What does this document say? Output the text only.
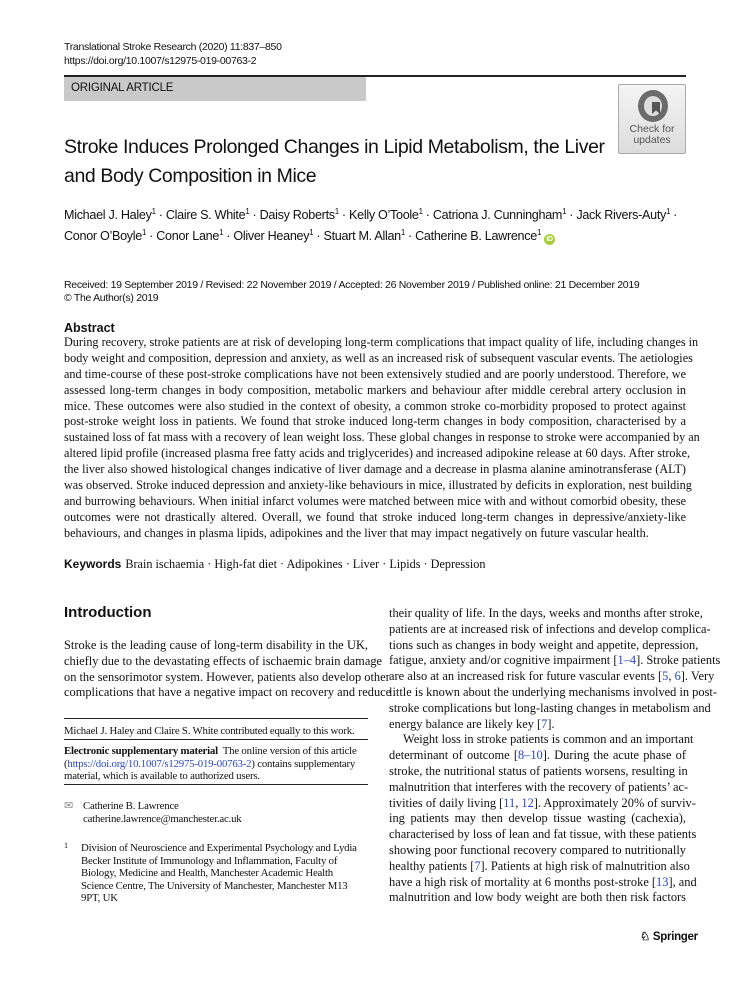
Translational Stroke Research (2020) 11:837–850
https://doi.org/10.1007/s12975-019-00763-2
ORIGINAL ARTICLE
Check for
updates
Stroke Induces Prolonged Changes in Lipid Metabolism, the Liver and Body Composition in Mice
Michael J. Haley$^1$ · Claire S. White$^1$ · Daisy Roberts$^1$ · Kelly O’Toole$^1$ · Catriona J. Cunningham$^1$ · Jack Rivers-Auty$^1$ ·
Conor O’Boyle$^1$ · Conor Lane$^1$ · Oliver Heaney$^1$ · Stuart M. Allan$^1$ · Catherine B. Lawrence$^1$iD
Received: 19 September 2019 / Revised: 22 November 2019 / Accepted: 26 November 2019 / Published online: 21 December 2019
© The Author(s) 2019
Abstract
During recovery, stroke patients are at risk of developing long-term complications that impact quality of life, including changes in
body weight and composition, depression and anxiety, as well as an increased risk of subsequent vascular events. The aetiologies
and time-course of these post-stroke complications have not been extensively studied and are poorly understood. Therefore, we
assessed long-term changes in body composition, metabolic markers and behaviour after middle cerebral artery occlusion in
mice. These outcomes were also studied in the context of obesity, a common stroke co-morbidity proposed to protect against
post-stroke weight loss in patients. We found that stroke induced long-term changes in body composition, characterised by a
sustained loss of fat mass with a recovery of lean weight loss. These global changes in response to stroke were accompanied by an
altered lipid profile (increased plasma free fatty acids and triglycerides) and increased adipokine release at 60 days. After stroke,
the liver also showed histological changes indicative of liver damage and a decrease in plasma alanine aminotransferase (ALT)
was observed. Stroke induced depression and anxiety-like behaviours in mice, illustrated by deficits in exploration, nest building
and burrowing behaviours. When initial infarct volumes were matched between mice with and without comorbid obesity, these
outcomes were not drastically altered. Overall, we found that stroke induced long-term changes in depressive/anxiety-like
behaviours, and changes in plasma lipids, adipokines and the liver that may impact negatively on future vascular health.
Keywords Brain ischaemia · High-fat diet · Adipokines · Liver · Lipids · Depression
Introduction
Stroke is the leading cause of long-term disability in the UK,
chiefly due to the devastating effects of ischaemic brain damage
on the sensorimotor system. However, patients also develop other
complications that have a negative impact on recovery and reduce
their quality of life. In the days, weeks and months after stroke,
patients are at increased risk of infections and develop complica-
tions such as changes in body weight and appetite, depression,
fatigue, anxiety and/or cognitive impairment [1–4]. Stroke patients
are also at an increased risk for future vascular events [5, 6]. Very
little is known about the underlying mechanisms involved in post-
stroke complications but long-lasting changes in metabolism and
energy balance are likely key [7].
Weight loss in stroke patients is common and an important
determinant of outcome [8–10]. During the acute phase of
stroke, the nutritional status of patients worsens, resulting in
malnutrition that interferes with the recovery of patients’ ac-
tivities of daily living [11, 12]. Approximately 20% of surviv-
ing patients may then develop tissue wasting (cachexia),
characterised by loss of lean and fat tissue, with these patients
showing poor functional recovery compared to nutritionally
healthy patients [7]. Patients at high risk of malnutrition also
have a high risk of mortality at 6 months post-stroke [13], and
malnutrition and low body weight are both then risk factors
Michael J. Haley and Claire S. White contributed equally to this work.
Electronic supplementary material The online version of this article
(https://doi.org/10.1007/s12975-019-00763-2) contains supplementary
material, which is available to authorized users.
✉ Catherine B. Lawrence
catherine.lawrence@manchester.ac.uk
1 Division of Neuroscience and Experimental Psychology and Lydia Becker Institute of Immunology and Inflammation, Faculty of Biology, Medicine and Health, Manchester Academic Health Science Centre, The University of Manchester, Manchester M13 9PT, UK
♘ Springer
